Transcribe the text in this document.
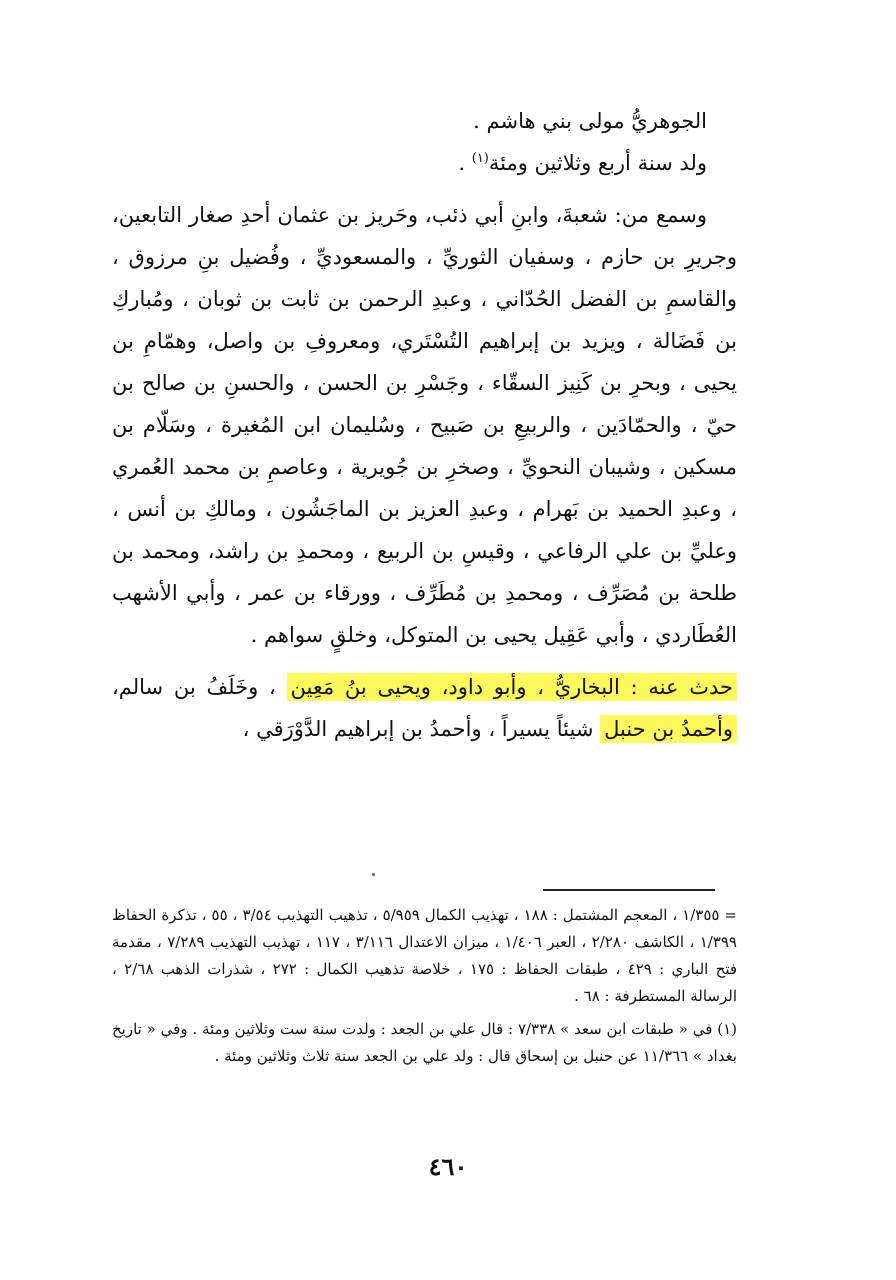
الجوهريُّ مولى بني هاشم .

ولد سنة أربع وثلاثين ومئة$^{(١)}$ .

وسمع من: شعبةَ، وابنِ أبي ذئب، وحَريز بن عثمان أحدِ صغار التابعين، وجريرِ بن حازم ، وسفيان الثوريِّ ، والمسعوديِّ ، وفُضيل بنِ مرزوق ، والقاسمِ بن الفضل الحُدّاني ، وعبدِ الرحمن بن ثابت بن ثوبان ، ومُباركِ بن فَضَالة ، ويزيد بن إبراهيم التُسْتَري، ومعروفِ بن واصل، وهمّامِ بن يحيى ، وبحرِ بن كَنِيز السقّاء ، وجَسْرِ بن الحسن ، والحسنِ بن صالح بن حيّ ، والحمّادَين ، والربيعِ بن صَبيح ، وسُليمان ابن المُغيرة ، وسَلّام بن مسكين ، وشيبان النحويِّ ، وصخرِ بن جُويرية ، وعاصمِ بن محمد العُمري ، وعبدِ الحميد بن بَهرام ، وعبدِ العزيز بن الماجَشُون ، ومالكِ بن أنس ، وعليِّ بن علي الرفاعي ، وقيسِ بن الربيع ، ومحمدِ بن راشد، ومحمد بن طلحة بن مُصَرِّف ، ومحمدِ بن مُطَرِّف ، وورقاء بن عمر ، وأبي الأشهب العُطَاردي ، وأبي عَقِيل يحيى بن المتوكل، وخلقٍ سواهم .

حدث عنه : البخاريُّ ، وأبو داود، ويحيى بنُ مَعِين ، وخَلَفُ بن سالم، وأحمدُ بن حنبل شيئاً يسيراً ، وأحمدُ بن إبراهيم الدَّوْرَقي ،

= ١/٣٥٥ ، المعجم المشتمل : ١٨٨ ، تهذيب الكمال ٥/٩٥٩ ، تذهيب التهذيب ٣/٥٤ ، ٥٥ ، تذكرة الحفاظ ١/٣٩٩ ، الكاشف ٢/٢٨٠ ، العبر ١/٤٠٦ ، ميزان الاعتدال ٣/١١٦ ، ١١٧ ، تهذيب التهذيب ٧/٢٨٩ ، مقدمة فتح الباري : ٤٢٩ ، طبقات الحفاظ : ١٧٥ ، خلاصة تذهيب الكمال : ٢٧٢ ، شذرات الذهب ٢/٦٨ ، الرسالة المستطرفة : ٦٨ .

(١) في « طبقات ابن سعد » ٧/٣٣٨ : قال علي بن الجعد : ولدت سنة ست وثلاثين ومئة . وفي « تاريخ بغداد » ١١/٣٦٦ عن حنبل بن إسحاق قال : ولد علي بن الجعد سنة ثلاث وثلاثين ومئة .

٤٦٠
